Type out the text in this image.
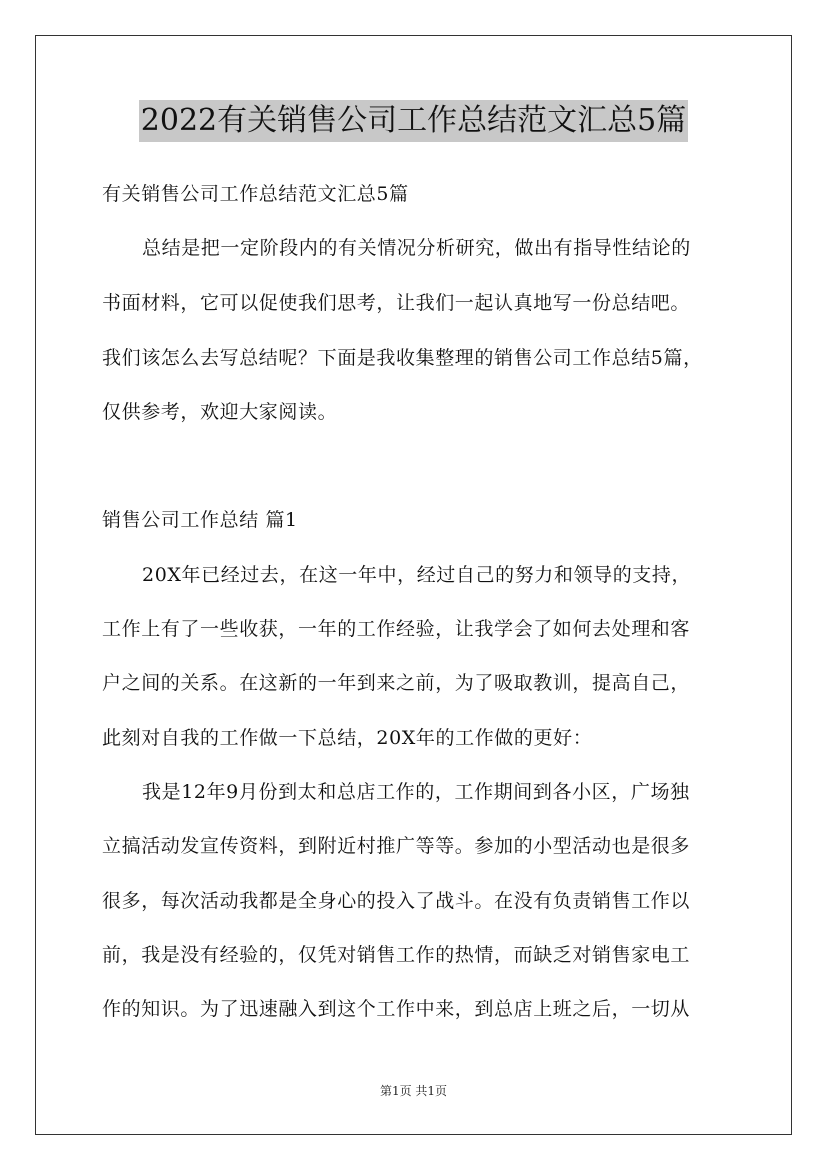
2022有关销售公司工作总结范文汇总5篇
有关销售公司工作总结范文汇总5篇
总结是把一定阶段内的有关情况分析研究，做出有指导性结论的
书面材料，它可以促使我们思考，让我们一起认真地写一份总结吧。
我们该怎么去写总结呢？下面是我收集整理的销售公司工作总结5篇，
仅供参考，欢迎大家阅读。
销售公司工作总结 篇1
20X年已经过去，在这一年中，经过自己的努力和领导的支持，
工作上有了一些收获，一年的工作经验，让我学会了如何去处理和客
户之间的关系。在这新的一年到来之前，为了吸取教训，提高自己，
此刻对自我的工作做一下总结，20X年的工作做的更好：
我是12年9月份到太和总店工作的，工作期间到各小区，广场独
立搞活动发宣传资料，到附近村推广等等。参加的小型活动也是很多
很多，每次活动我都是全身心的投入了战斗。在没有负责销售工作以
前，我是没有经验的，仅凭对销售工作的热情，而缺乏对销售家电工
作的知识。为了迅速融入到这个工作中来，到总店上班之后，一切从
第1页 共1页
